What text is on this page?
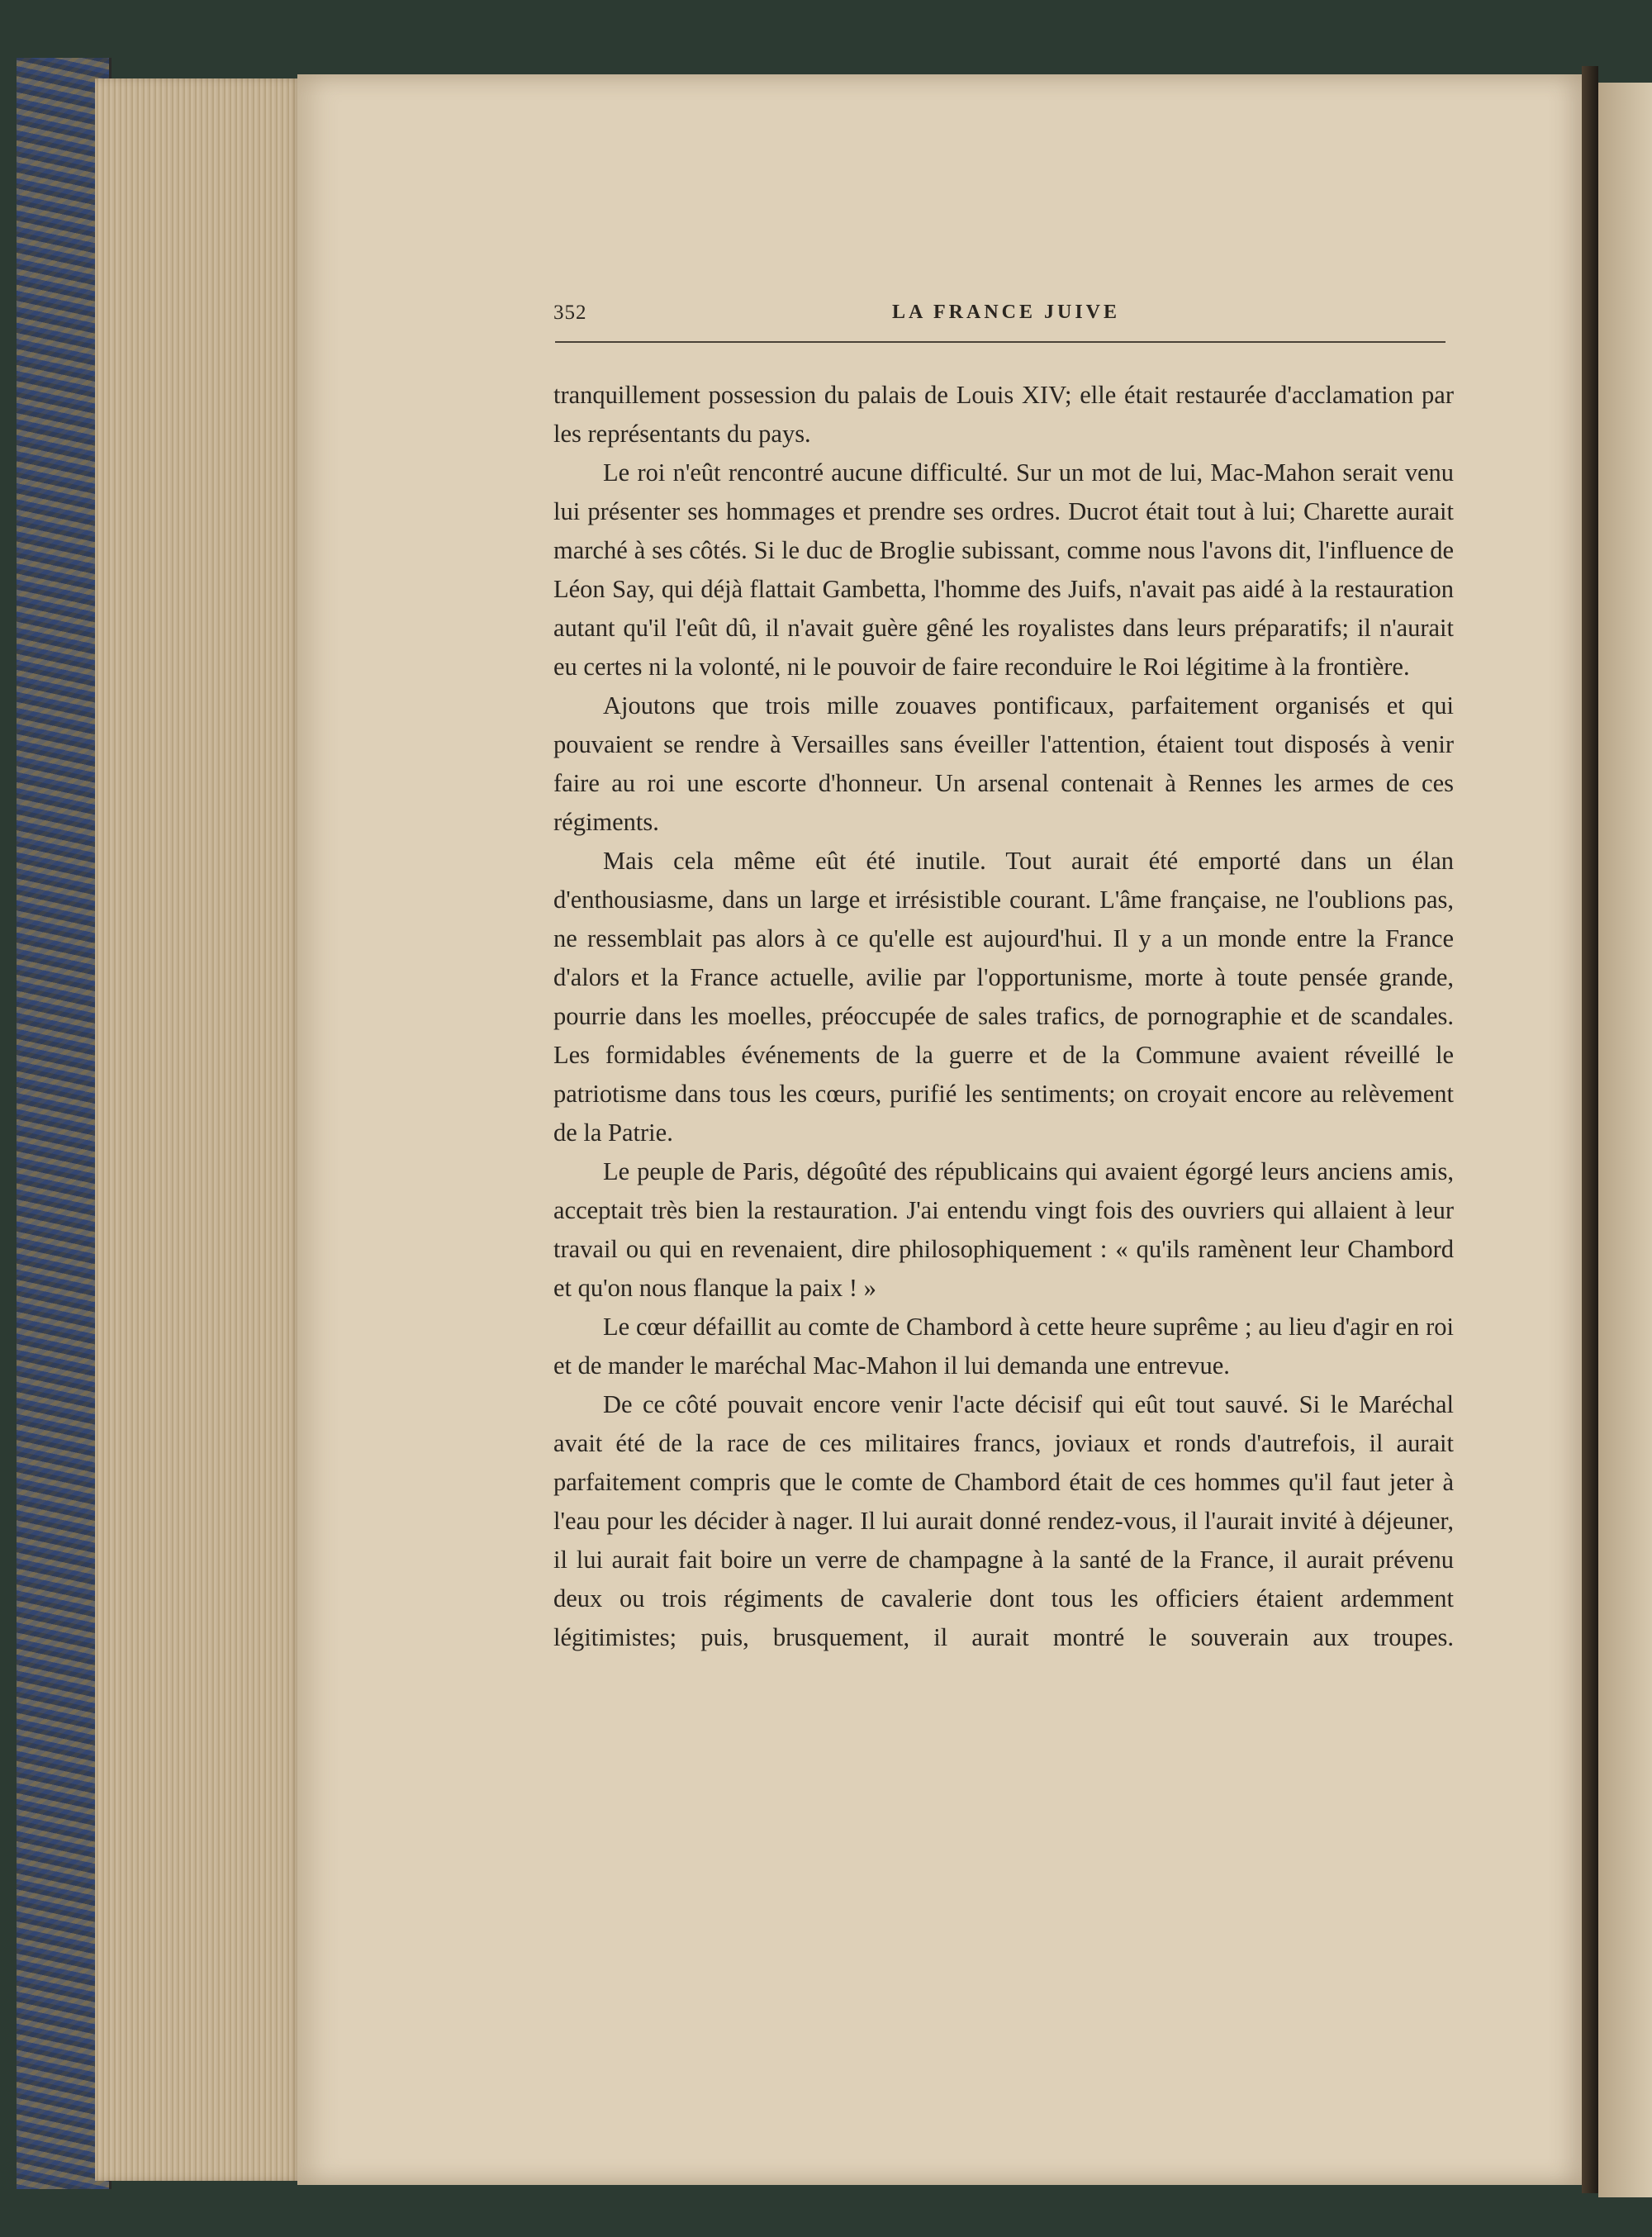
352	LA FRANCE JUIVE

tranquillement possession du palais de Louis XIV; elle était restaurée d'acclamation par les représentants du pays.

Le roi n'eût rencontré aucune difficulté. Sur un mot de lui, Mac-Mahon serait venu lui présenter ses hommages et prendre ses ordres. Ducrot était tout à lui; Charette aurait marché à ses côtés. Si le duc de Broglie subissant, comme nous l'avons dit, l'influence de Léon Say, qui déjà flattait Gambetta, l'homme des Juifs, n'avait pas aidé à la restauration autant qu'il l'eût dû, il n'avait guère gêné les royalistes dans leurs préparatifs; il n'aurait eu certes ni la volonté, ni le pouvoir de faire reconduire le Roi légitime à la frontière.

Ajoutons que trois mille zouaves pontificaux, parfaitement organisés et qui pouvaient se rendre à Versailles sans éveiller l'attention, étaient tout disposés à venir faire au roi une escorte d'honneur. Un arsenal contenait à Rennes les armes de ces régiments.

Mais cela même eût été inutile. Tout aurait été emporté dans un élan d'enthousiasme, dans un large et irrésistible courant. L'âme française, ne l'oublions pas, ne ressemblait pas alors à ce qu'elle est aujourd'hui. Il y a un monde entre la France d'alors et la France actuelle, avilie par l'opportunisme, morte à toute pensée grande, pourrie dans les moelles, préoccupée de sales trafics, de pornographie et de scandales. Les formidables événements de la guerre et de la Commune avaient réveillé le patriotisme dans tous les cœurs, purifié les sentiments; on croyait encore au relèvement de la Patrie.

Le peuple de Paris, dégoûté des républicains qui avaient égorgé leurs anciens amis, acceptait très bien la restauration. J'ai entendu vingt fois des ouvriers qui allaient à leur travail ou qui en revenaient, dire philosophiquement : « qu'ils ramènent leur Chambord et qu'on nous flanque la paix ! »

Le cœur défaillit au comte de Chambord à cette heure suprême ; au lieu d'agir en roi et de mander le maréchal Mac-Mahon il lui demanda une entrevue.

De ce côté pouvait encore venir l'acte décisif qui eût tout sauvé. Si le Maréchal avait été de la race de ces militaires francs, joviaux et ronds d'autrefois, il aurait parfaitement compris que le comte de Chambord était de ces hommes qu'il faut jeter à l'eau pour les décider à nager. Il lui aurait donné rendez-vous, il l'aurait invité à déjeuner, il lui aurait fait boire un verre de champagne à la santé de la France, il aurait prévenu deux ou trois régiments de cavalerie dont tous les officiers étaient ardemment légitimistes; puis, brusquement, il aurait montré le souverain aux troupes.
